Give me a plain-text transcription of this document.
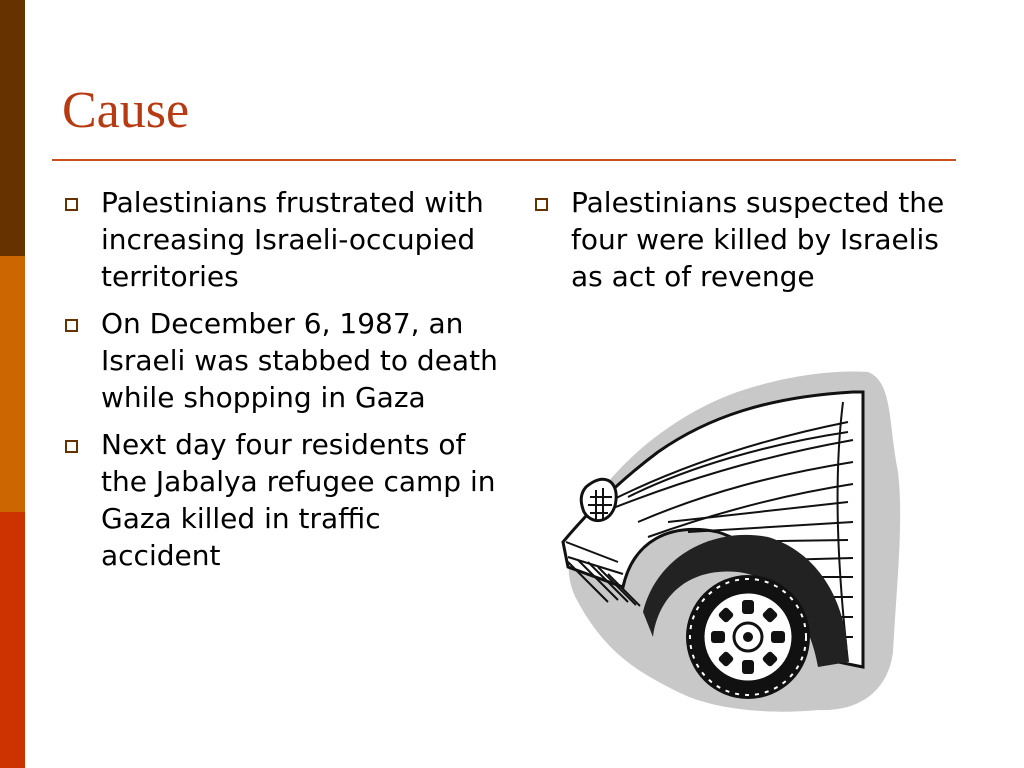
Cause
Palestinians frustrated with increasing Israeli-occupied territories
On December 6, 1987, an Israeli was stabbed to death while shopping in Gaza
Next day four residents of the Jabalya refugee camp in Gaza killed in traffic accident
Palestinians suspected the four were killed by Israelis as act of revenge
